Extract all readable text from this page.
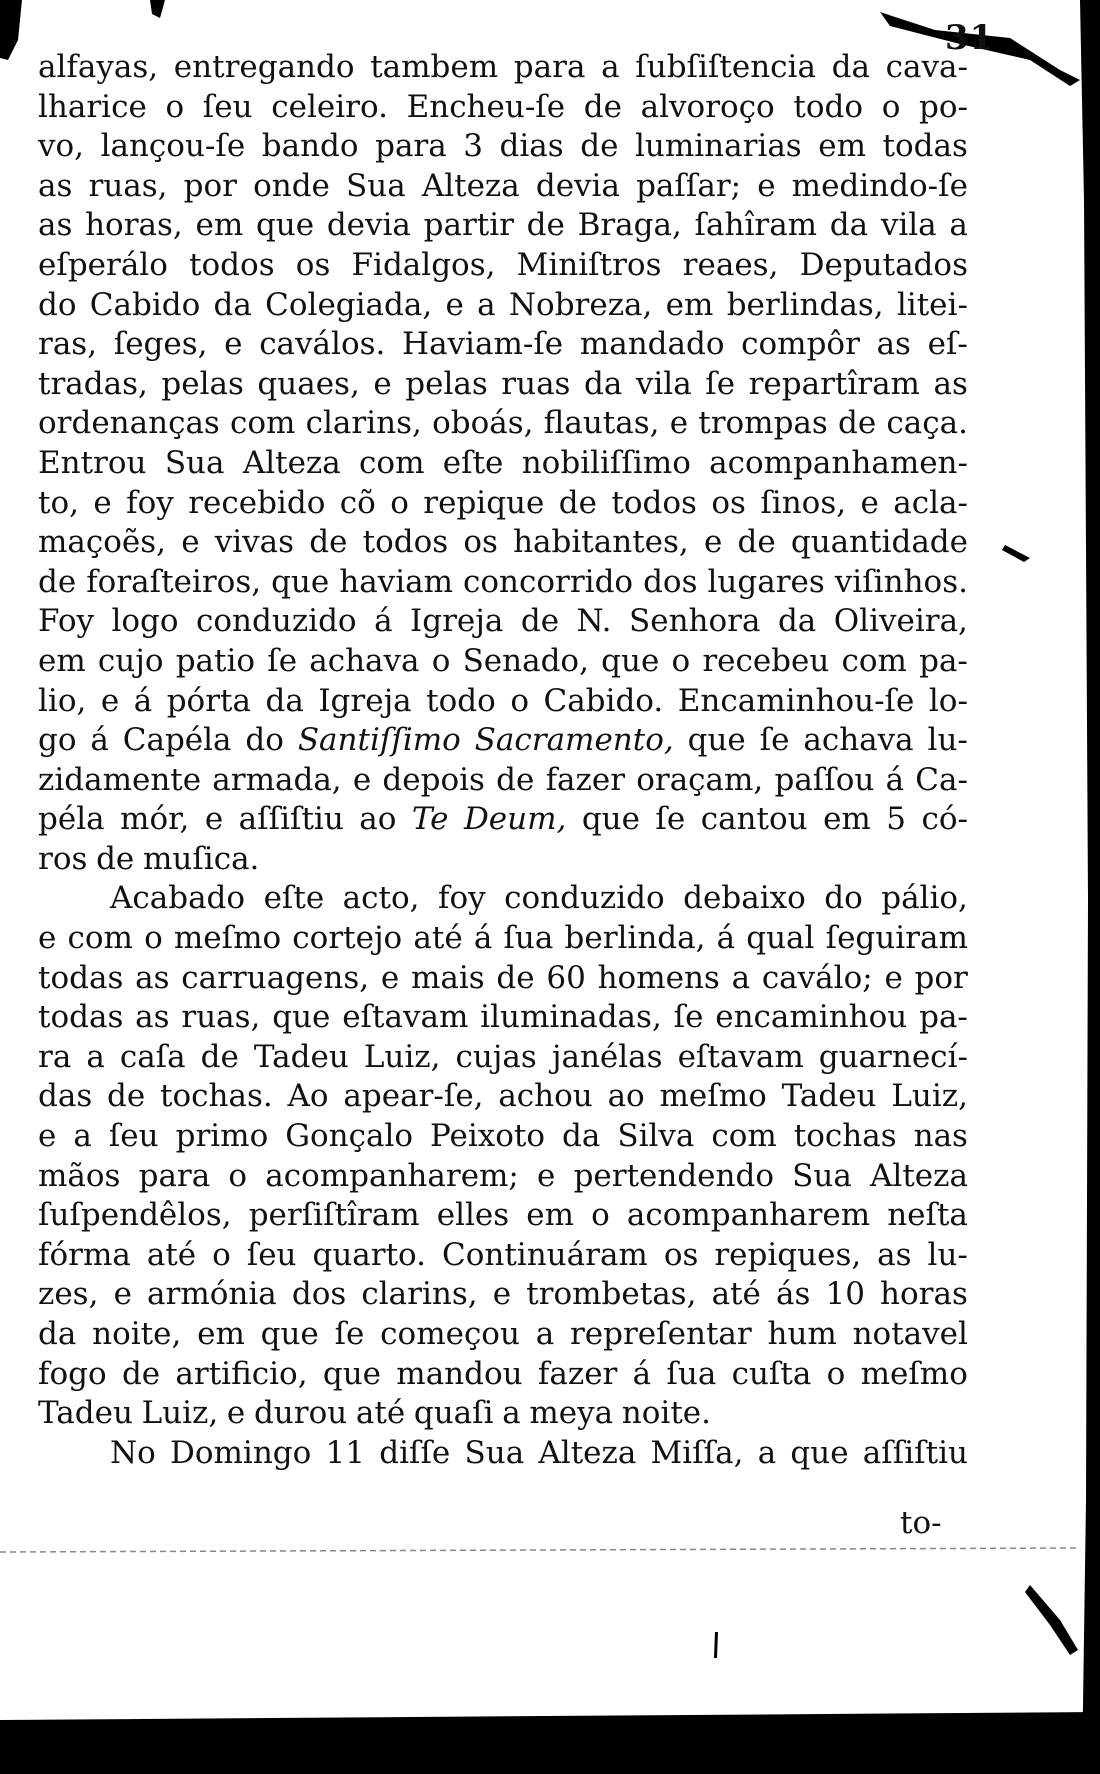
31
alfayas, entregando tambem para a ſubſiſtencia da cava-
lharice o ſeu celeiro. Encheu-ſe de alvoroço todo o po-
vo, lançou-ſe bando para 3 dias de luminarias em todas
as ruas, por onde Sua Alteza devia paſſar; e medindo-ſe
as horas, em que devia partir de Braga, ſahîram da vila a
eſperálo todos os Fidalgos, Miniſtros reaes, Deputados
do Cabido da Colegiada, e a Nobreza, em berlindas, litei-
ras, ſeges, e caválos. Haviam-ſe mandado compôr as eſ-
tradas, pelas quaes, e pelas ruas da vila ſe repartîram as
ordenanças com clarins, oboás, flautas, e trompas de caça.
Entrou Sua Alteza com eſte nobiliſſimo acompanhamen-
to, e foy recebido cõ o repique de todos os ſinos, e acla-
maçoẽs, e vivas de todos os habitantes, e de quantidade
de foraſteiros, que haviam concorrido dos lugares viſinhos.
Foy logo conduzido á Igreja de N. Senhora da Oliveira,
em cujo patio ſe achava o Senado, que o recebeu com pa-
lio, e á pórta da Igreja todo o Cabido. Encaminhou-ſe lo-
go á Capéla do Santiſſimo Sacramento, que ſe achava lu-
zidamente armada, e depois de fazer oraçam, paſſou á Ca-
péla mór, e aſſiſtiu ao Te Deum, que ſe cantou em 5 có-
ros de muſica.
Acabado eſte acto, foy conduzido debaixo do pálio,
e com o meſmo cortejo até á ſua berlinda, á qual ſeguiram
todas as carruagens, e mais de 60 homens a caválo; e por
todas as ruas, que eſtavam iluminadas, ſe encaminhou pa-
ra a caſa de Tadeu Luiz, cujas janélas eſtavam guarnecí-
das de tochas. Ao apear-ſe, achou ao meſmo Tadeu Luiz,
e a ſeu primo Gonçalo Peixoto da Silva com tochas nas
mãos para o acompanharem; e pertendendo Sua Alteza
ſuſpendêlos, perſiſtîram elles em o acompanharem neſta
fórma até o ſeu quarto. Continuáram os repiques, as lu-
zes, e armónia dos clarins, e trombetas, até ás 10 horas
da noite, em que ſe começou a repreſentar hum notavel
fogo de artificio, que mandou fazer á ſua cuſta o meſmo
Tadeu Luiz, e durou até quaſi a meya noite.
No Domingo 11 diſſe Sua Alteza Miſſa, a que aſſiſtiu
to-
